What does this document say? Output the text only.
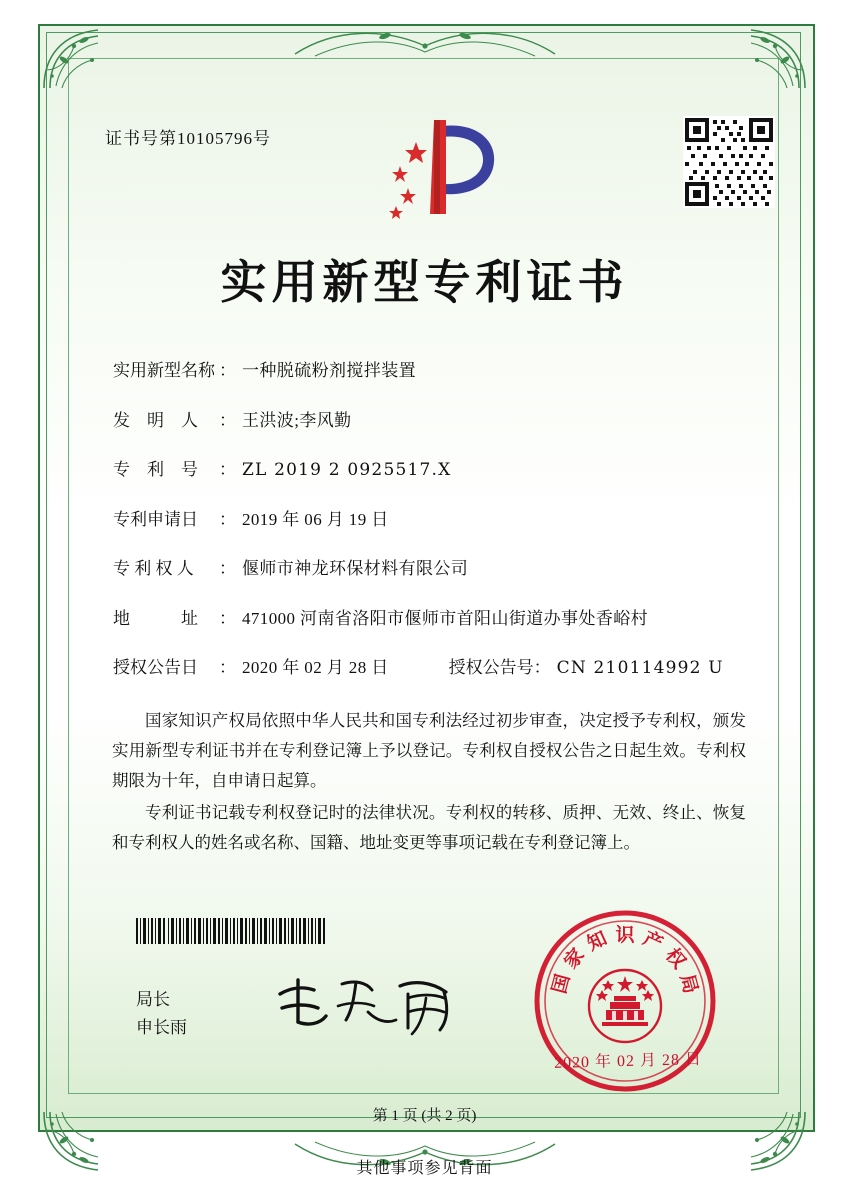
证书号第10105796号
实用新型专利证书
实用新型名称 ： 一种脱硫粉剂搅拌装置
发　明　人	： 王洪波;李风勤
专　利　号	： ZL 2019 2 0925517.X
专利申请日	： 2019 年 06 月 19 日
专 利 权 人	： 偃师市神龙环保材料有限公司
地　　　址	： 471000 河南省洛阳市偃师市首阳山街道办事处香峪村
授权公告日	： 2020 年 02 月 28 日	授权公告号 ： CN 210114992 U

国家知识产权局依照中华人民共和国专利法经过初步审查，决定授予专利权，颁发实用新型专利证书并在专利登记簿上予以登记。专利权自授权公告之日起生效。专利权期限为十年，自申请日起算。

专利证书记载专利权登记时的法律状况。专利权的转移、质押、无效、终止、恢复和专利权人的姓名或名称、国籍、地址变更等事项记载在专利登记簿上。

局长
申长雨
国
家
知 识 产
权
局
2020 年 02 月 28 日
第 1 页 (共 2 页)
其他事项参见背面
